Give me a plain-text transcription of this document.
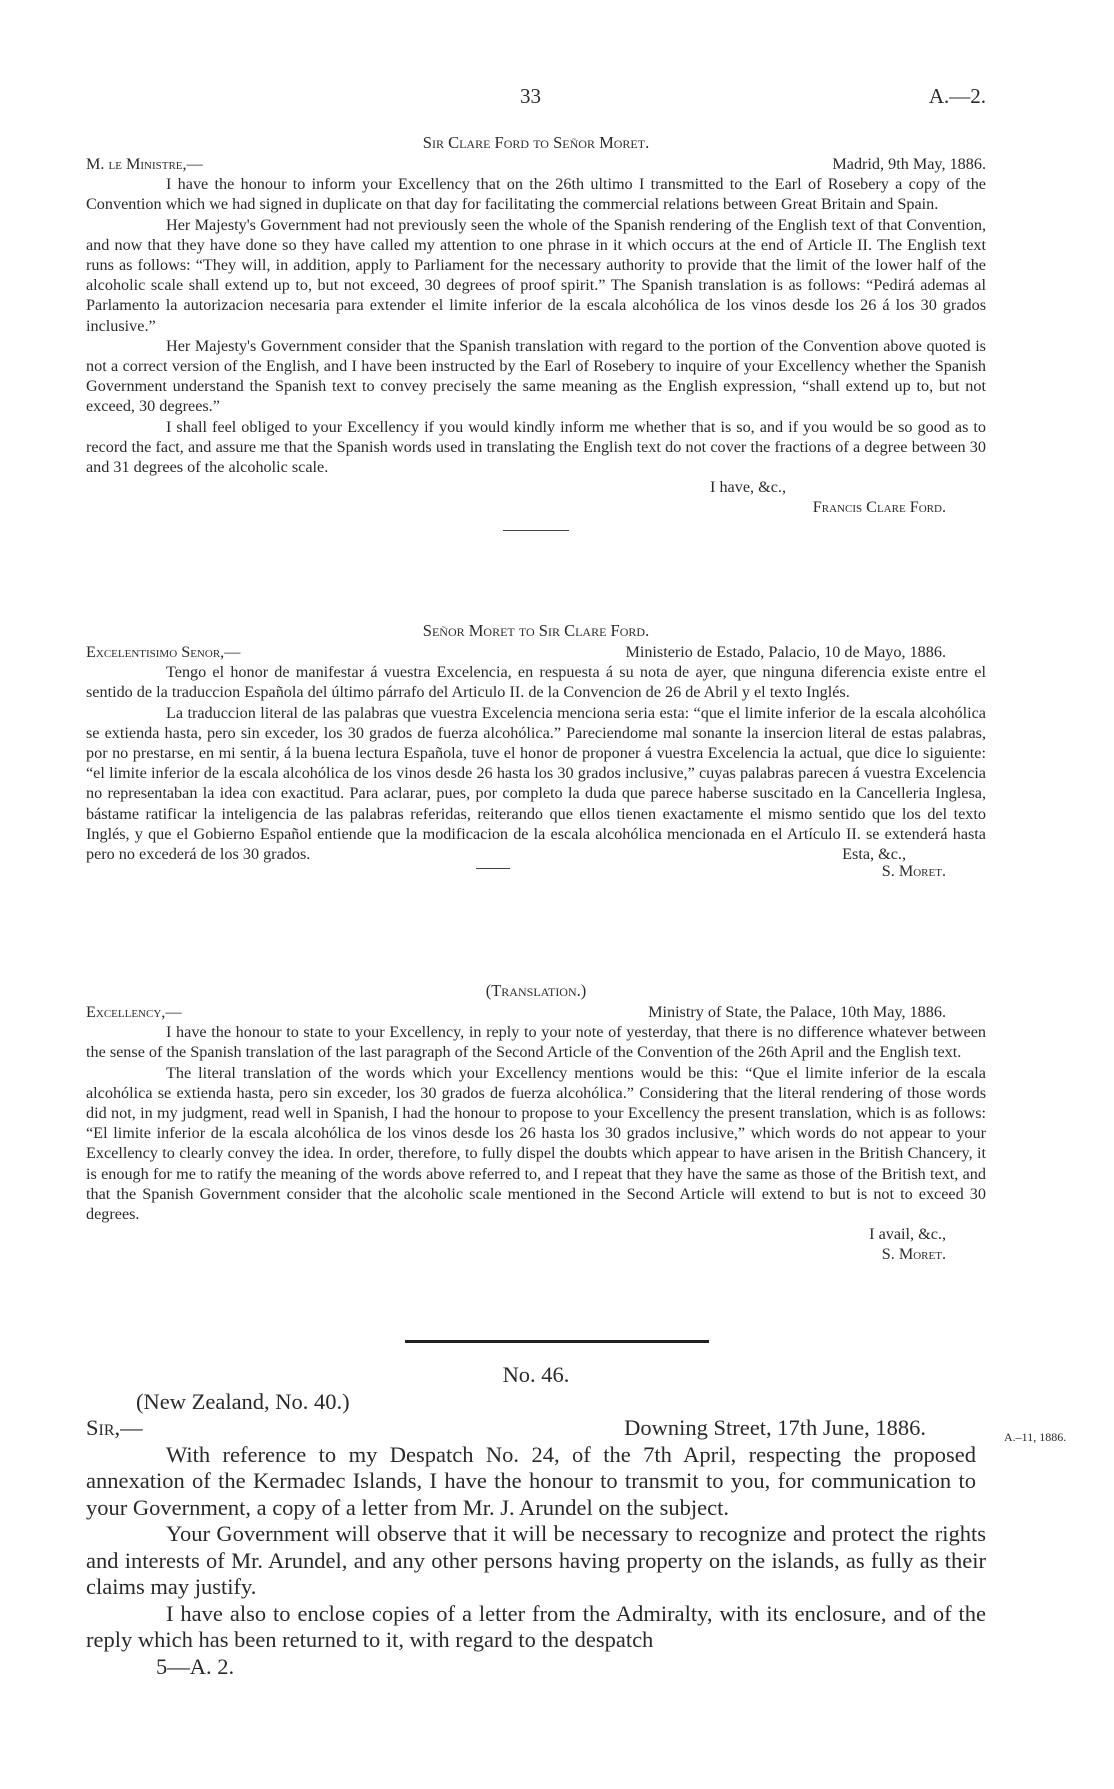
33	A.—2.
Sir Clare Ford to Señor Moret.
M. le Ministre,—	Madrid, 9th May, 1886.

I have the honour to inform your Excellency that on the 26th ultimo I transmitted to the Earl of Rosebery a copy of the Convention which we had signed in duplicate on that day for facilitating the commercial relations between Great Britain and Spain.

Her Majesty's Government had not previously seen the whole of the Spanish rendering of the English text of that Convention, and now that they have done so they have called my attention to one phrase in it which occurs at the end of Article II. The English text runs as follows: “They will, in addition, apply to Parliament for the necessary authority to provide that the limit of the lower half of the alcoholic scale shall extend up to, but not exceed, 30 degrees of proof spirit.” The Spanish translation is as follows: “Pedirá ademas al Parlamento la autorizacion necesaria para extender el limite inferior de la escala alcohólica de los vinos desde los 26 á los 30 grados inclusive.”

Her Majesty's Government consider that the Spanish translation with regard to the portion of the Convention above quoted is not a correct version of the English, and I have been instructed by the Earl of Rosebery to inquire of your Excellency whether the Spanish Government understand the Spanish text to convey precisely the same meaning as the English expression, “shall extend up to, but not exceed, 30 degrees.”

I shall feel obliged to your Excellency if you would kindly inform me whether that is so, and if you would be so good as to record the fact, and assure me that the Spanish words used in translating the English text do not cover the fractions of a degree between 30 and 31 degrees of the alcoholic scale.

I have, &c.,
Francis Clare Ford.
Señor Moret to Sir Clare Ford.
Excelentisimo Senor,—	Ministerio de Estado, Palacio, 10 de Mayo, 1886.

Tengo el honor de manifestar á vuestra Excelencia, en respuesta á su nota de ayer, que ninguna diferencia existe entre el sentido de la traduccion Española del último párrafo del Articulo II. de la Convencion de 26 de Abril y el texto Inglés.

La traduccion literal de las palabras que vuestra Excelencia menciona seria esta: “que el limite inferior de la escala alcohólica se extienda hasta, pero sin exceder, los 30 grados de fuerza alcohólica.” Pareciendome mal sonante la insercion literal de estas palabras, por no prestarse, en mi sentir, á la buena lectura Española, tuve el honor de proponer á vuestra Excelencia la actual, que dice lo siguiente: “el limite inferior de la escala alcohólica de los vinos desde 26 hasta los 30 grados inclusive,” cuyas palabras parecen á vuestra Excelencia no representaban la idea con exactitud. Para aclarar, pues, por completo la duda que parece haberse suscitado en la Cancelleria Inglesa, bástame ratificar la inteligencia de las palabras referidas, reiterando que ellos tienen exactamente el mismo sentido que los del texto Inglés, y que el Gobierno Español entiende que la modificacion de la escala alcohólica mencionada en el Artículo II. se extenderá hasta pero no excederá de los 30 grados.	Esta, &c.,
S. Moret.
(Translation.)
Excellency,—	Ministry of State, the Palace, 10th May, 1886.

I have the honour to state to your Excellency, in reply to your note of yesterday, that there is no difference whatever between the sense of the Spanish translation of the last paragraph of the Second Article of the Convention of the 26th April and the English text.

The literal translation of the words which your Excellency mentions would be this: “Que el limite inferior de la escala alcohólica se extienda hasta, pero sin exceder, los 30 grados de fuerza alcohólica.” Considering that the literal rendering of those words did not, in my judgment, read well in Spanish, I had the honour to propose to your Excellency the present translation, which is as follows: “El limite inferior de la escala alcohólica de los vinos desde los 26 hasta los 30 grados inclusive,” which words do not appear to your Excellency to clearly convey the idea. In order, therefore, to fully dispel the doubts which appear to have arisen in the British Chancery, it is enough for me to ratify the meaning of the words above referred to, and I repeat that they have the same as those of the British text, and that the Spanish Government consider that the alcoholic scale mentioned in the Second Article will extend to but is not to exceed 30 degrees.

I avail, &c.,
S. Moret.
No. 46.
(New Zealand, No. 40.)
Sir,—	Downing Street, 17th June, 1886.

With reference to my Despatch No. 24, of the 7th April, respecting the proposed annexation of the Kermadec Islands, I have the honour to transmit to you, for communication to your Government, a copy of a letter from Mr. J. Arundel on the subject.

Your Government will observe that it will be necessary to recognize and protect the rights and interests of Mr. Arundel, and any other persons having property on the islands, as fully as their claims may justify.

I have also to enclose copies of a letter from the Admiralty, with its enclosure, and of the reply which has been returned to it, with regard to the despatch

5—A. 2.
A.–11, 1886.
